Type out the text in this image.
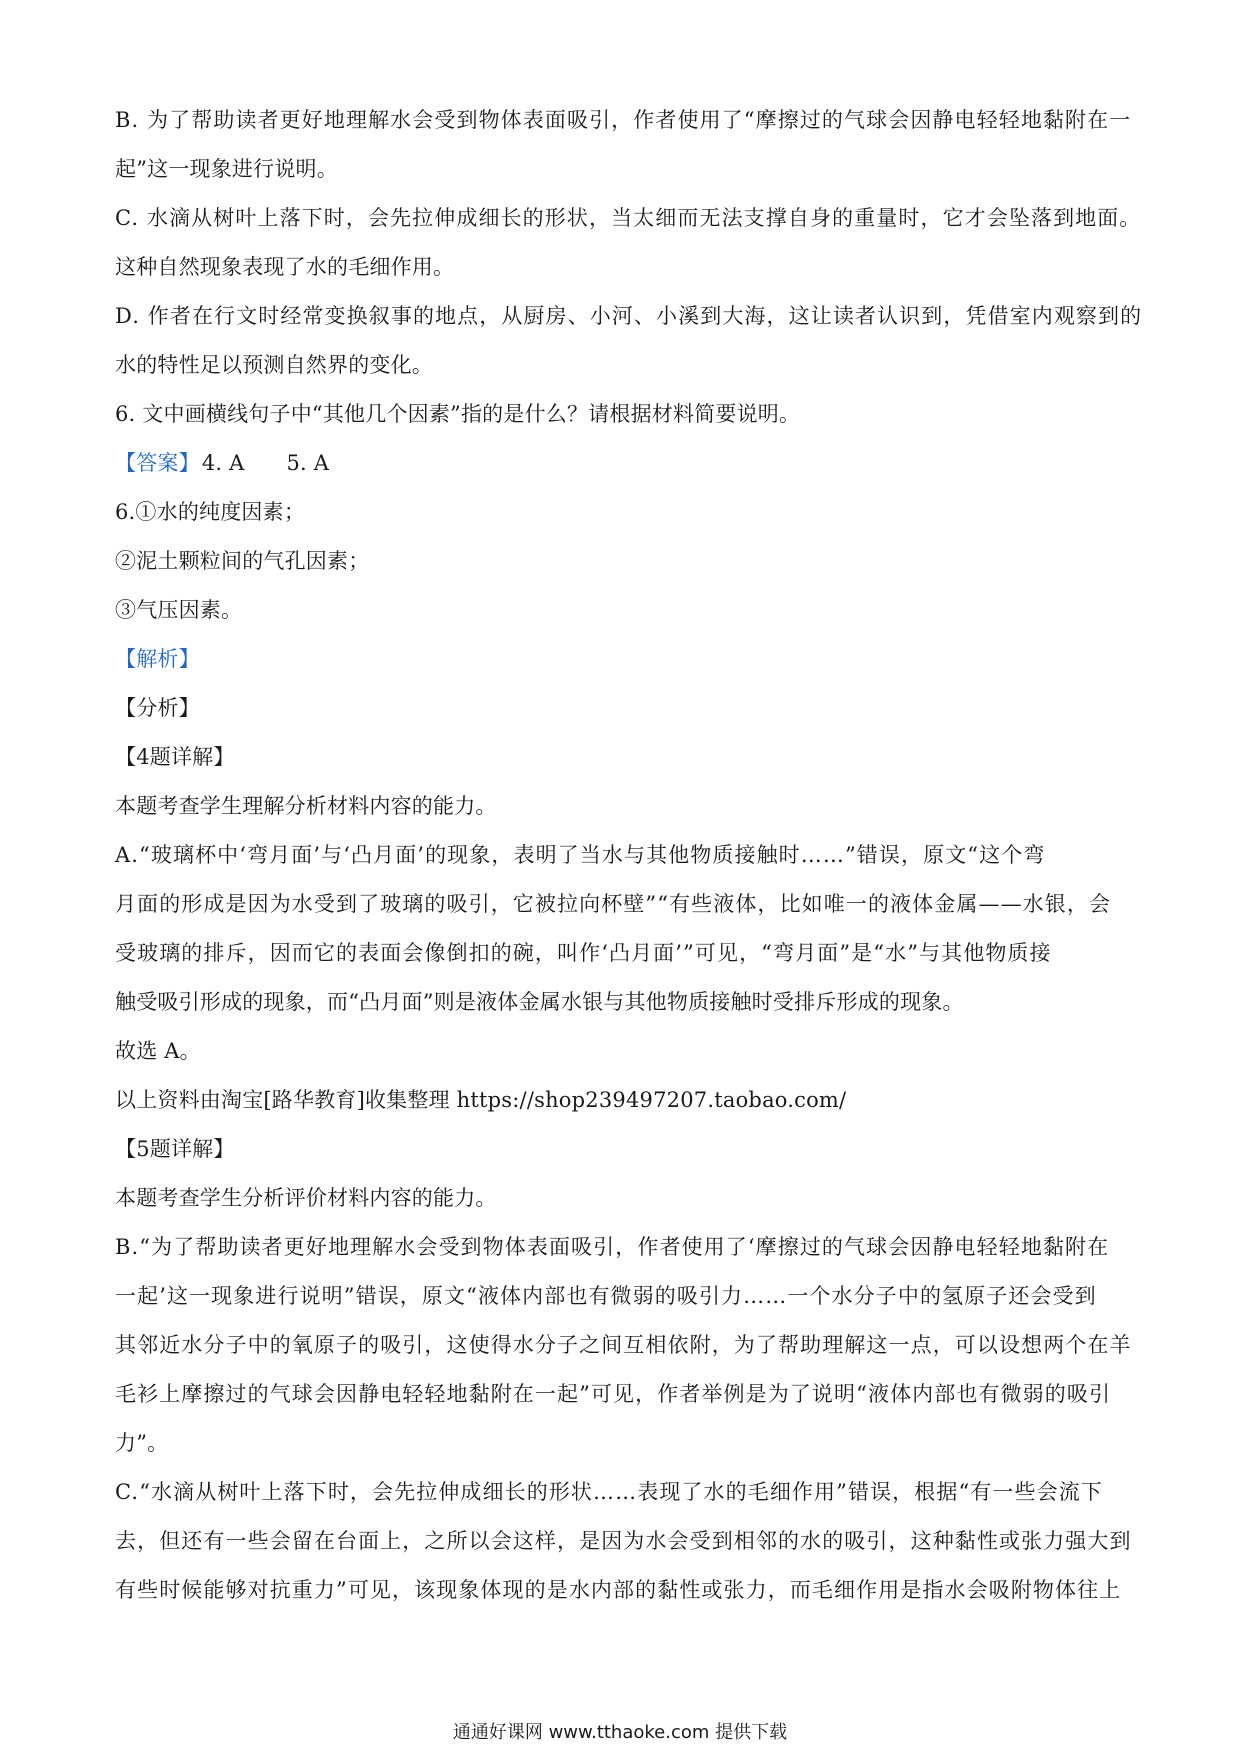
B. 为了帮助读者更好地理解水会受到物体表面吸引，作者使用了“摩擦过的气球会因静电轻轻地黏附在一
起”这一现象进行说明。
C. 水滴从树叶上落下时，会先拉伸成细长的形状，当太细而无法支撑自身的重量时，它才会坠落到地面。
这种自然现象表现了水的毛细作用。
D. 作者在行文时经常变换叙事的地点，从厨房、小河、小溪到大海，这让读者认识到，凭借室内观察到的
水的特性足以预测自然界的变化。
6. 文中画横线句子中“其他几个因素”指的是什么？请根据材料简要说明。
【答案】4. A 5. A
6.①水的纯度因素；
②泥土颗粒间的气孔因素；
③气压因素。
【解析】
【分析】
【4题详解】
本题考查学生理解分析材料内容的能力。
A.“玻璃杯中‘弯月面’与‘凸月面’的现象，表明了当水与其他物质接触时……”错误，原文“这个弯
月面的形成是因为水受到了玻璃的吸引，它被拉向杯壁”“有些液体，比如唯一的液体金属——水银，会
受玻璃的排斥，因而它的表面会像倒扣的碗，叫作‘凸月面’”可见，“弯月面”是“水”与其他物质接
触受吸引形成的现象，而“凸月面”则是液体金属水银与其他物质接触时受排斥形成的现象。
故选 A。
以上资料由淘宝[路华教育]收集整理 https://shop239497207.taobao.com/
【5题详解】
本题考查学生分析评价材料内容的能力。
B.“为了帮助读者更好地理解水会受到物体表面吸引，作者使用了‘摩擦过的气球会因静电轻轻地黏附在
一起’这一现象进行说明”错误，原文“液体内部也有微弱的吸引力……一个水分子中的氢原子还会受到
其邻近水分子中的氧原子的吸引，这使得水分子之间互相依附，为了帮助理解这一点，可以设想两个在羊
毛衫上摩擦过的气球会因静电轻轻地黏附在一起”可见，作者举例是为了说明“液体内部也有微弱的吸引
力”。
C.“水滴从树叶上落下时，会先拉伸成细长的形状……表现了水的毛细作用”错误，根据“有一些会流下
去，但还有一些会留在台面上，之所以会这样，是因为水会受到相邻的水的吸引，这种黏性或张力强大到
有些时候能够对抗重力”可见，该现象体现的是水内部的黏性或张力，而毛细作用是指水会吸附物体往上
通通好课网 www.tthaoke.com 提供下载
